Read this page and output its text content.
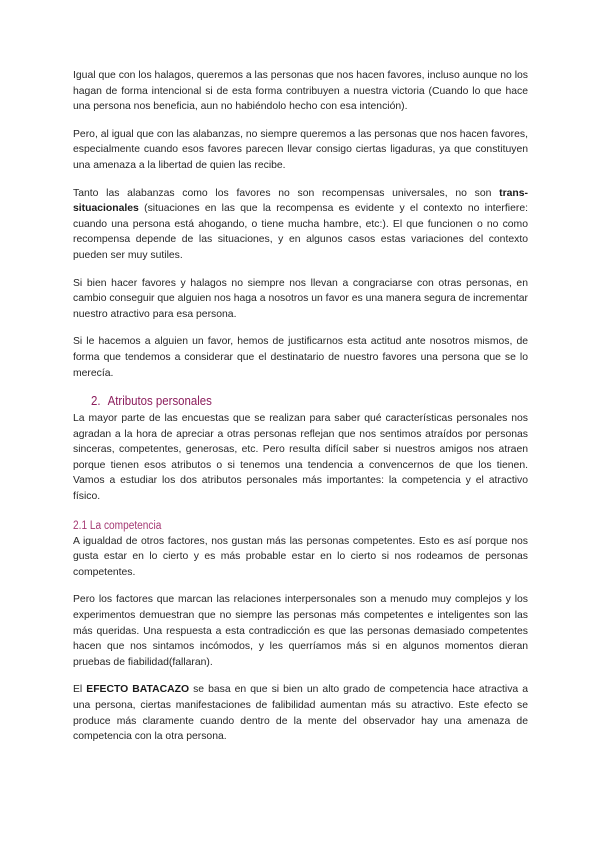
Igual que con los halagos, queremos a las personas que nos hacen favores, incluso aunque no los hagan de forma intencional si de esta forma contribuyen a nuestra victoria (Cuando lo que hace una persona nos beneficia, aun no habiéndolo hecho con esa intención).

Pero, al igual que con las alabanzas, no siempre queremos a las personas que nos hacen favores, especialmente cuando esos favores parecen llevar consigo ciertas ligaduras, ya que constituyen una amenaza a la libertad de quien las recibe.

Tanto las alabanzas como los favores no son recompensas universales, no son trans-situacionales (situaciones en las que la recompensa es evidente y el contexto no interfiere: cuando una persona está ahogando, o tiene mucha hambre, etc:). El que funcionen o no como recompensa depende de las situaciones, y en algunos casos estas variaciones del contexto pueden ser muy sutiles.

Si bien hacer favores y halagos no siempre nos llevan a congraciarse con otras personas, en cambio conseguir que alguien nos haga a nosotros un favor es una manera segura de incrementar nuestro atractivo para esa persona.

Si le hacemos a alguien un favor, hemos de justificarnos esta actitud ante nosotros mismos, de forma que tendemos a considerar que el destinatario de nuestro favores una persona que se lo merecía.

2. Atributos personales

La mayor parte de las encuestas que se realizan para saber qué características personales nos agradan a la hora de apreciar a otras personas reflejan que nos sentimos atraídos por personas sinceras, competentes, generosas, etc. Pero resulta difícil saber si nuestros amigos nos atraen porque tienen esos atributos o si tenemos una tendencia a convencernos de que los tienen. Vamos a estudiar los dos atributos personales más importantes: la competencia y el atractivo físico.

2.1 La competencia

A igualdad de otros factores, nos gustan más las personas competentes. Esto es así porque nos gusta estar en lo cierto y es más probable estar en lo cierto si nos rodeamos de personas competentes.

Pero los factores que marcan las relaciones interpersonales son a menudo muy complejos y los experimentos demuestran que no siempre las personas más competentes e inteligentes son las más queridas. Una respuesta a esta contradicción es que las personas demasiado competentes hacen que nos sintamos incómodos, y les querríamos más si en algunos momentos dieran pruebas de fiabilidad(fallaran).

El EFECTO BATACAZO se basa en que si bien un alto grado de competencia hace atractiva a una persona, ciertas manifestaciones de falibilidad aumentan más su atractivo. Este efecto se produce más claramente cuando dentro de la mente del observador hay una amenaza de competencia con la otra persona.
